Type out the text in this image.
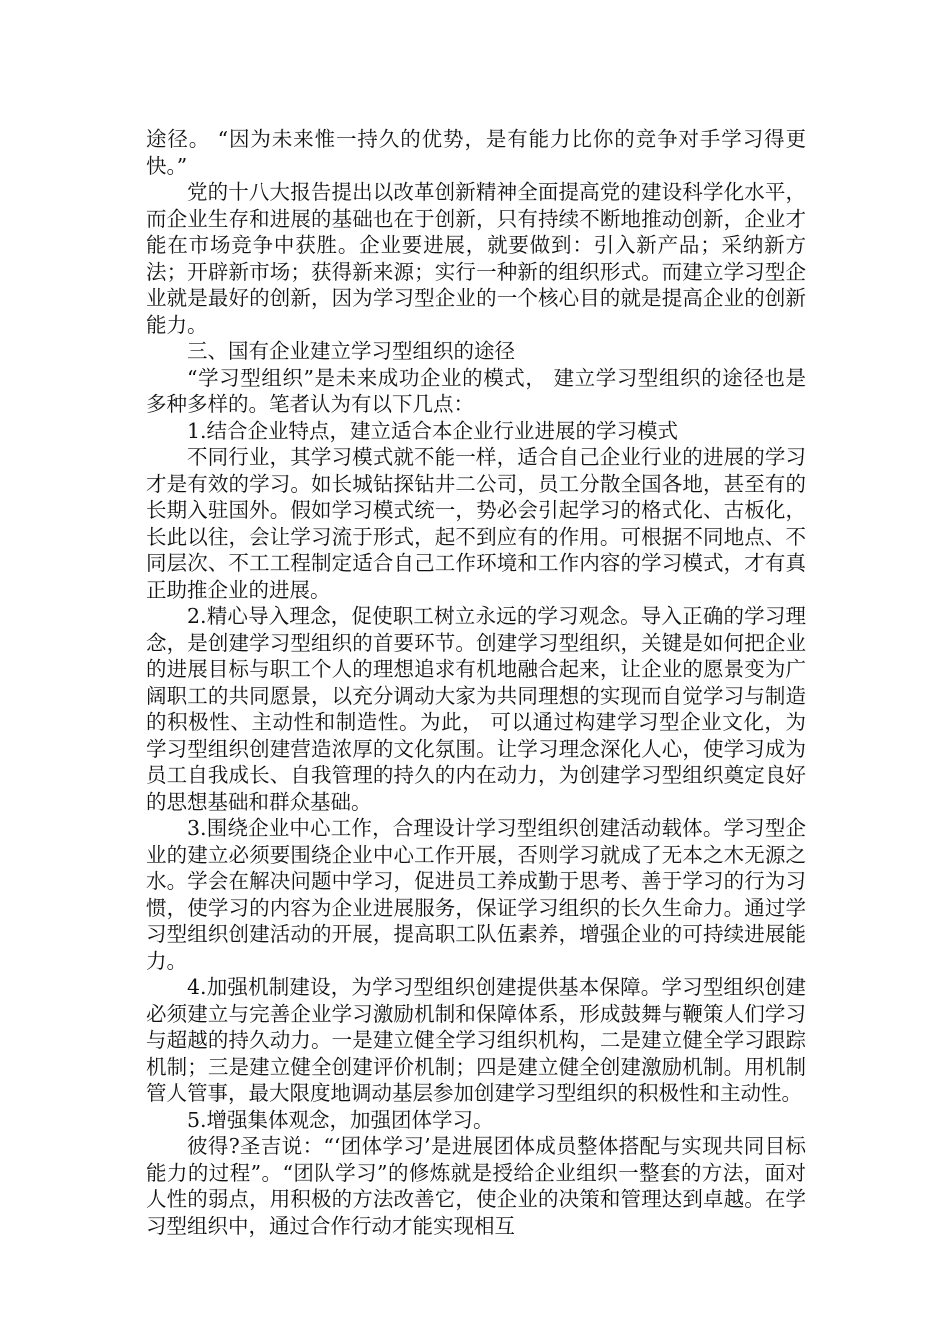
途径。 “因为未来惟一持久的优势，是有能力比你的竞争对手学习得更快。”

党的十八大报告提出以改革创新精神全面提高党的建设科学化水平，而企业生存和进展的基础也在于创新，只有持续不断地推动创新，企业才能在市场竞争中获胜。企业要进展，就要做到：引入新产品；采纳新方法；开辟新市场；获得新来源；实行一种新的组织形式。而建立学习型企业就是最好的创新，因为学习型企业的一个核心目的就是提高企业的创新能力。

三、国有企业建立学习型组织的途径

“学习型组织”是未来成功企业的模式， 建立学习型组织的途径也是多种多样的。笔者认为有以下几点：

1.结合企业特点，建立适合本企业行业进展的学习模式

不同行业，其学习模式就不能一样，适合自己企业行业的进展的学习才是有效的学习。如长城钻探钻井二公司，员工分散全国各地，甚至有的长期入驻国外。假如学习模式统一，势必会引起学习的格式化、古板化，长此以往，会让学习流于形式，起不到应有的作用。可根据不同地点、不同层次、不工工程制定适合自己工作环境和工作内容的学习模式，才有真正助推企业的进展。

2.精心导入理念，促使职工树立永远的学习观念。导入正确的学习理念，是创建学习型组织的首要环节。创建学习型组织，关键是如何把企业的进展目标与职工个人的理想追求有机地融合起来，让企业的愿景变为广阔职工的共同愿景，以充分调动大家为共同理想的实现而自觉学习与制造的积极性、主动性和制造性。为此， 可以通过构建学习型企业文化，为学习型组织创建营造浓厚的文化氛围。让学习理念深化人心，使学习成为员工自我成长、自我管理的持久的内在动力，为创建学习型组织奠定良好的思想基础和群众基础。

3.围绕企业中心工作，合理设计学习型组织创建活动载体。学习型企业的建立必须要围绕企业中心工作开展，否则学习就成了无本之木无源之水。学会在解决问题中学习，促进员工养成勤于思考、善于学习的行为习惯，使学习的内容为企业进展服务，保证学习组织的长久生命力。通过学习型组织创建活动的开展，提高职工队伍素养，增强企业的可持续进展能力。

4.加强机制建设，为学习型组织创建提供基本保障。学习型组织创建必须建立与完善企业学习激励机制和保障体系，形成鼓舞与鞭策人们学习与超越的持久动力。一是建立健全学习组织机构，二是建立健全学习跟踪机制；三是建立健全创建评价机制；四是建立健全创建激励机制。用机制管人管事，最大限度地调动基层参加创建学习型组织的积极性和主动性。

5.增强集体观念，加强团体学习。

彼得?圣吉说：“‘团体学习’是进展团体成员整体搭配与实现共同目标能力的过程”。“团队学习”的修炼就是授给企业组织一整套的方法，面对人性的弱点，用积极的方法改善它，使企业的决策和管理达到卓越。在学习型组织中，通过合作行动才能实现相互
